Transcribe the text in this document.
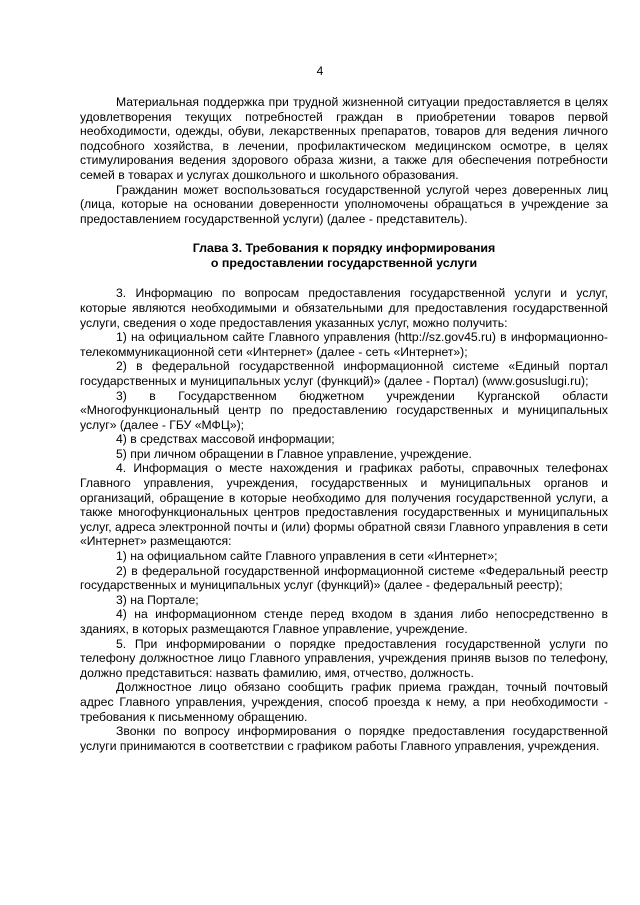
4

Материальная поддержка при трудной жизненной ситуации предоставляется в целях удовлетворения текущих потребностей граждан в приобретении товаров первой необходимости, одежды, обуви, лекарственных препаратов, товаров для ведения личного подсобного хозяйства, в лечении, профилактическом медицинском осмотре, в целях стимулирования ведения здорового образа жизни, а также для обеспечения потребности семей в товарах и услугах дошкольного и школьного образования.

Гражданин может воспользоваться государственной услугой через доверенных лиц (лица, которые на основании доверенности уполномочены обращаться в учреждение за предоставлением государственной услуги) (далее - представитель).

Глава 3. Требования к порядку информирования

о предоставлении государственной услуги

3. Информацию по вопросам предоставления государственной услуги и услуг, которые являются необходимыми и обязательными для предоставления государственной услуги, сведения о ходе предоставления указанных услуг, можно получить:

1) на официальном сайте Главного управления (http://sz.gov45.ru) в информационно-телекоммуникационной сети «Интернет» (далее - сеть «Интернет»);

2) в федеральной государственной информационной системе «Единый портал государственных и муниципальных услуг (функций)» (далее - Портал) (www.gosuslugi.ru);

3) в Государственном бюджетном учреждении Курганской области «Многофункциональный центр по предоставлению государственных и муниципальных услуг» (далее - ГБУ «МФЦ»);

4) в средствах массовой информации;

5) при личном обращении в Главное управление, учреждение.

4. Информация о месте нахождения и графиках работы, справочных телефонах Главного управления, учреждения, государственных и муниципальных органов и организаций, обращение в которые необходимо для получения государственной услуги, а также многофункциональных центров предоставления государственных и муниципальных услуг, адреса электронной почты и (или) формы обратной связи Главного управления в сети «Интернет» размещаются:

1) на официальном сайте Главного управления в сети «Интернет»;

2) в федеральной государственной информационной системе «Федеральный реестр государственных и муниципальных услуг (функций)» (далее - федеральный реестр);

3) на Портале;

4) на информационном стенде перед входом в здания либо непосредственно в зданиях, в которых размещаются Главное управление, учреждение.

5. При информировании о порядке предоставления государственной услуги по телефону должностное лицо Главного управления, учреждения приняв вызов по телефону, должно представиться: назвать фамилию, имя, отчество, должность.

Должностное лицо обязано сообщить график приема граждан, точный почтовый адрес Главного управления, учреждения, способ проезда к нему, а при необходимости - требования к письменному обращению.

Звонки по вопросу информирования о порядке предоставления государственной услуги принимаются в соответствии с графиком работы Главного управления, учреждения.
